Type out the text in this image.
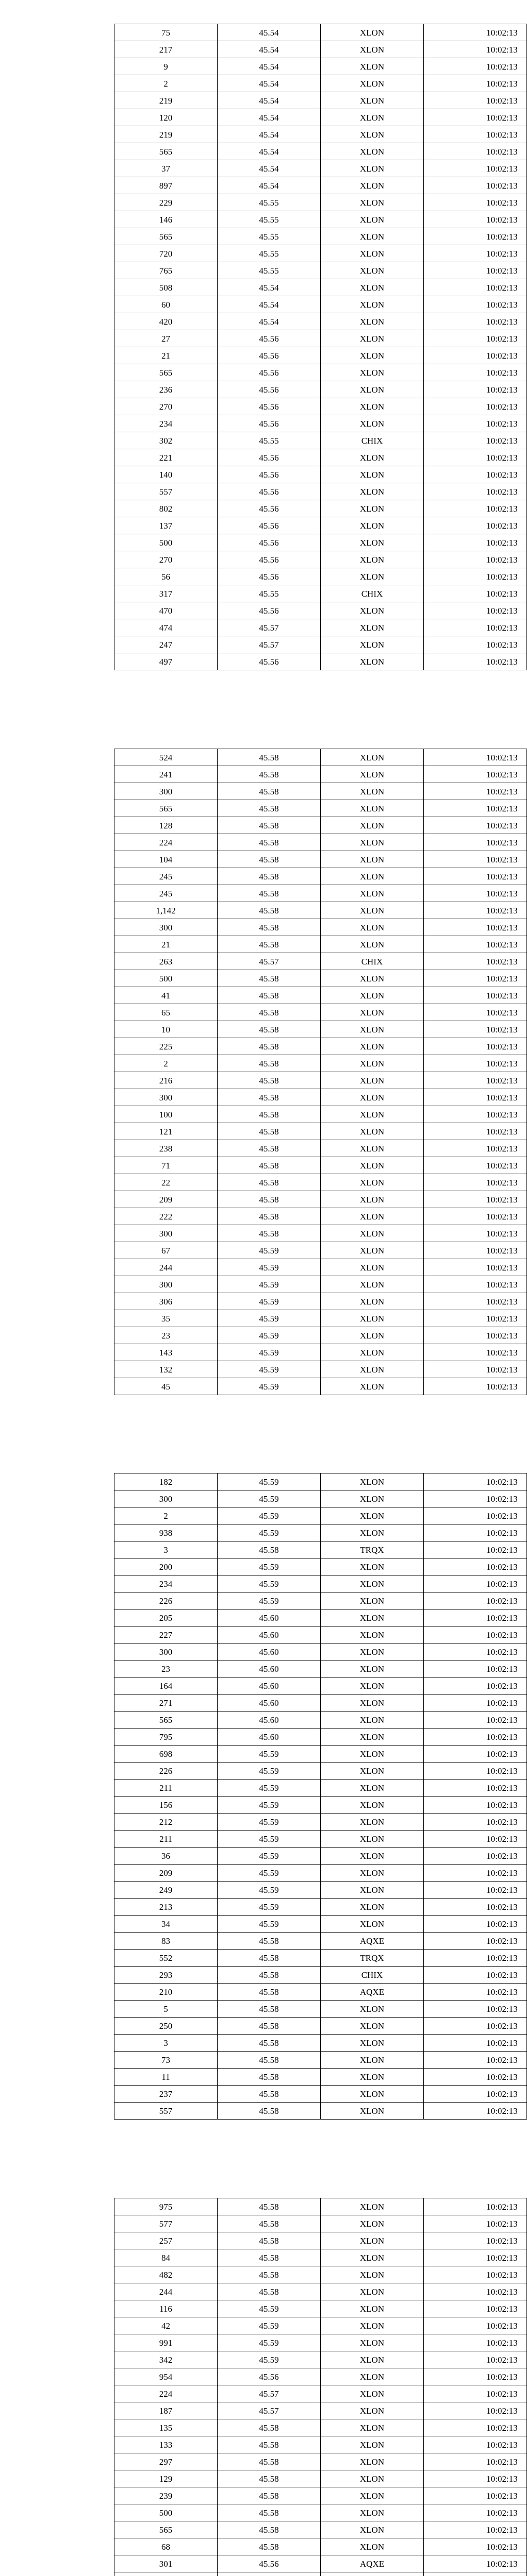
75	45.54	XLON	10:02:13
217	45.54	XLON	10:02:13
9	45.54	XLON	10:02:13
2	45.54	XLON	10:02:13
219	45.54	XLON	10:02:13
120	45.54	XLON	10:02:13
219	45.54	XLON	10:02:13
565	45.54	XLON	10:02:13
37	45.54	XLON	10:02:13
897	45.54	XLON	10:02:13
229	45.55	XLON	10:02:13
146	45.55	XLON	10:02:13
565	45.55	XLON	10:02:13
720	45.55	XLON	10:02:13
765	45.55	XLON	10:02:13
508	45.54	XLON	10:02:13
60	45.54	XLON	10:02:13
420	45.54	XLON	10:02:13
27	45.56	XLON	10:02:13
21	45.56	XLON	10:02:13
565	45.56	XLON	10:02:13
236	45.56	XLON	10:02:13
270	45.56	XLON	10:02:13
234	45.56	XLON	10:02:13
302	45.55	CHIX	10:02:13
221	45.56	XLON	10:02:13
140	45.56	XLON	10:02:13
557	45.56	XLON	10:02:13
802	45.56	XLON	10:02:13
137	45.56	XLON	10:02:13
500	45.56	XLON	10:02:13
270	45.56	XLON	10:02:13
56	45.56	XLON	10:02:13
317	45.55	CHIX	10:02:13
470	45.56	XLON	10:02:13
474	45.57	XLON	10:02:13
247	45.57	XLON	10:02:13
497	45.56	XLON	10:02:13
524	45.58	XLON	10:02:13
241	45.58	XLON	10:02:13
300	45.58	XLON	10:02:13
565	45.58	XLON	10:02:13
128	45.58	XLON	10:02:13
224	45.58	XLON	10:02:13
104	45.58	XLON	10:02:13
245	45.58	XLON	10:02:13
245	45.58	XLON	10:02:13
1,142	45.58	XLON	10:02:13
300	45.58	XLON	10:02:13
21	45.58	XLON	10:02:13
263	45.57	CHIX	10:02:13
500	45.58	XLON	10:02:13
41	45.58	XLON	10:02:13
65	45.58	XLON	10:02:13
10	45.58	XLON	10:02:13
225	45.58	XLON	10:02:13
2	45.58	XLON	10:02:13
216	45.58	XLON	10:02:13
300	45.58	XLON	10:02:13
100	45.58	XLON	10:02:13
121	45.58	XLON	10:02:13
238	45.58	XLON	10:02:13
71	45.58	XLON	10:02:13
22	45.58	XLON	10:02:13
209	45.58	XLON	10:02:13
222	45.58	XLON	10:02:13
300	45.58	XLON	10:02:13
67	45.59	XLON	10:02:13
244	45.59	XLON	10:02:13
300	45.59	XLON	10:02:13
306	45.59	XLON	10:02:13
35	45.59	XLON	10:02:13
23	45.59	XLON	10:02:13
143	45.59	XLON	10:02:13
132	45.59	XLON	10:02:13
45	45.59	XLON	10:02:13
182	45.59	XLON	10:02:13
300	45.59	XLON	10:02:13
2	45.59	XLON	10:02:13
938	45.59	XLON	10:02:13
3	45.58	TRQX	10:02:13
200	45.59	XLON	10:02:13
234	45.59	XLON	10:02:13
226	45.59	XLON	10:02:13
205	45.60	XLON	10:02:13
227	45.60	XLON	10:02:13
300	45.60	XLON	10:02:13
23	45.60	XLON	10:02:13
164	45.60	XLON	10:02:13
271	45.60	XLON	10:02:13
565	45.60	XLON	10:02:13
795	45.60	XLON	10:02:13
698	45.59	XLON	10:02:13
226	45.59	XLON	10:02:13
211	45.59	XLON	10:02:13
156	45.59	XLON	10:02:13
212	45.59	XLON	10:02:13
211	45.59	XLON	10:02:13
36	45.59	XLON	10:02:13
209	45.59	XLON	10:02:13
249	45.59	XLON	10:02:13
213	45.59	XLON	10:02:13
34	45.59	XLON	10:02:13
83	45.58	AQXE	10:02:13
552	45.58	TRQX	10:02:13
293	45.58	CHIX	10:02:13
210	45.58	AQXE	10:02:13
5	45.58	XLON	10:02:13
250	45.58	XLON	10:02:13
3	45.58	XLON	10:02:13
73	45.58	XLON	10:02:13
11	45.58	XLON	10:02:13
237	45.58	XLON	10:02:13
557	45.58	XLON	10:02:13
975	45.58	XLON	10:02:13
577	45.58	XLON	10:02:13
257	45.58	XLON	10:02:13
84	45.58	XLON	10:02:13
482	45.58	XLON	10:02:13
244	45.58	XLON	10:02:13
116	45.59	XLON	10:02:13
42	45.59	XLON	10:02:13
991	45.59	XLON	10:02:13
342	45.59	XLON	10:02:13
954	45.56	XLON	10:02:13
224	45.57	XLON	10:02:13
187	45.57	XLON	10:02:13
135	45.58	XLON	10:02:13
133	45.58	XLON	10:02:13
297	45.58	XLON	10:02:13
129	45.58	XLON	10:02:13
239	45.58	XLON	10:02:13
500	45.58	XLON	10:02:13
565	45.58	XLON	10:02:13
68	45.58	XLON	10:02:13
301	45.56	AQXE	10:02:13
